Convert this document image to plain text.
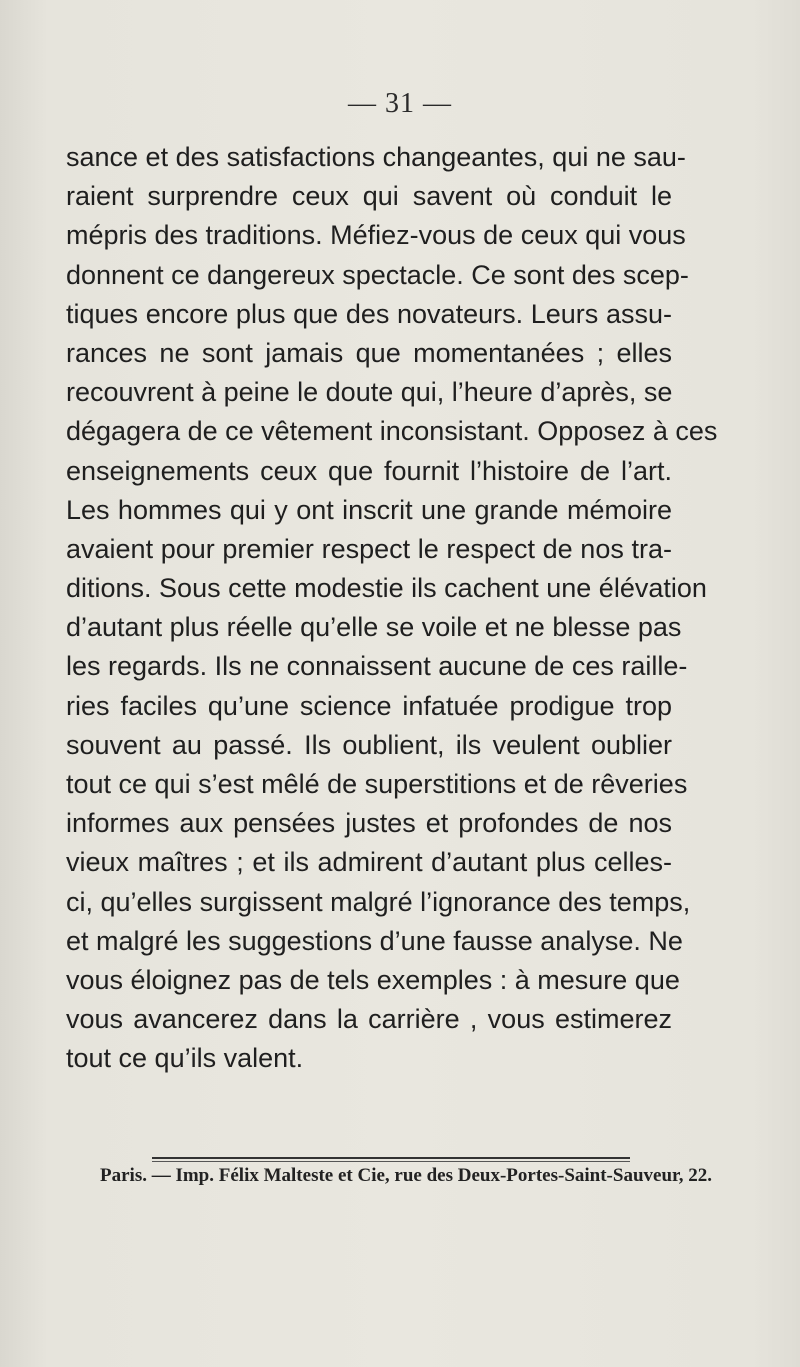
— 31 —
sance et des satisfactions changeantes, qui ne sau-
raient surprendre ceux qui savent où conduit le
mépris des traditions. Méfiez-vous de ceux qui vous
donnent ce dangereux spectacle. Ce sont des scep-
tiques encore plus que des novateurs. Leurs assu-
rances ne sont jamais que momentanées ; elles
recouvrent à peine le doute qui, l’heure d’après, se
dégagera de ce vêtement inconsistant. Opposez à ces
enseignements ceux que fournit l’histoire de l’art.
Les hommes qui y ont inscrit une grande mémoire
avaient pour premier respect le respect de nos tra-
ditions. Sous cette modestie ils cachent une élévation
d’autant plus réelle qu’elle se voile et ne blesse pas
les regards. Ils ne connaissent aucune de ces raille-
ries faciles qu’une science infatuée prodigue trop
souvent au passé. Ils oublient, ils veulent oublier
tout ce qui s’est mêlé de superstitions et de rêveries
informes aux pensées justes et profondes de nos
vieux maîtres ; et ils admirent d’autant plus celles-
ci, qu’elles surgissent malgré l’ignorance des temps,
et malgré les suggestions d’une fausse analyse. Ne
vous éloignez pas de tels exemples : à mesure que
vous avancerez dans la carrière , vous estimerez
tout ce qu’ils valent.
Paris. — Imp. Félix Malteste et Cie, rue des Deux-Portes-Saint-Sauveur, 22.
